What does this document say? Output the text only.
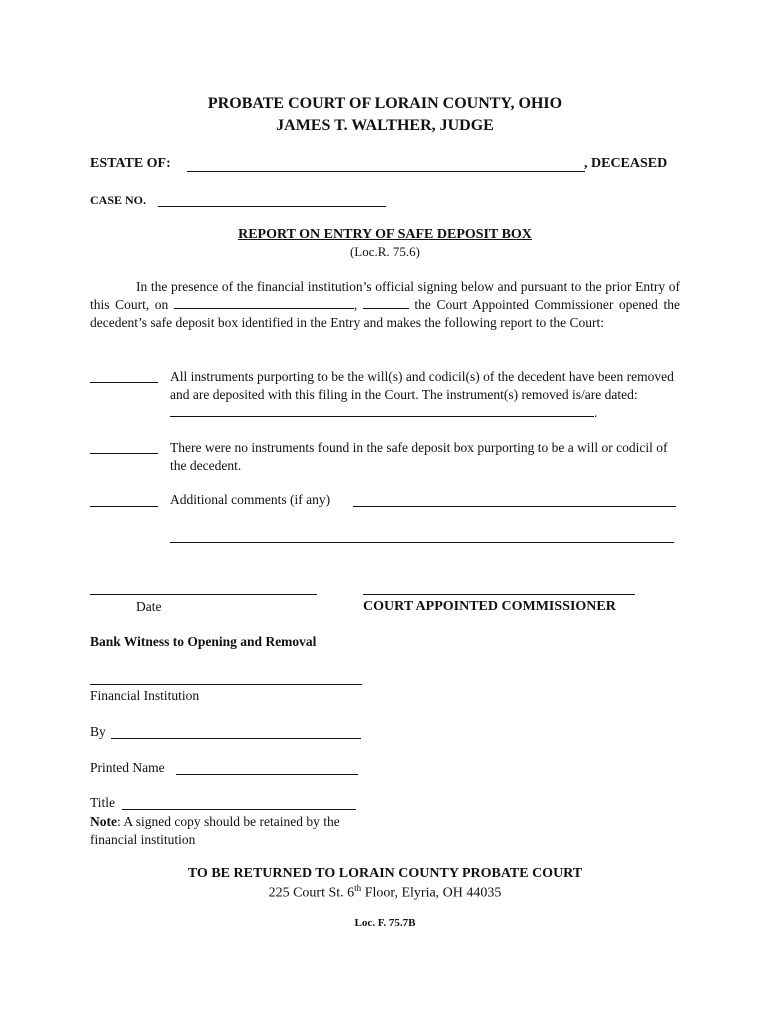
PROBATE COURT OF LORAIN COUNTY, OHIO
JAMES T. WALTHER, JUDGE
ESTATE OF:	, DECEASED
CASE NO.
REPORT ON ENTRY OF SAFE DEPOSIT BOX
(Loc.R. 75.6)
In the presence of the financial institution’s official signing below and pursuant to the prior Entry of this Court, on	,	the Court Appointed Commissioner opened the decedent’s safe deposit box identified in the Entry and makes the following report to the Court:
All instruments purporting to be the will(s) and codicil(s) of the decedent have been removed and are deposited with this filing in the Court. The instrument(s) removed is/are dated: .
There were no instruments found in the safe deposit box purporting to be a will or codicil of the decedent.
Additional comments (if any)
Date	COURT APPOINTED COMMISSIONER
Bank Witness to Opening and Removal
Financial Institution
By
Printed Name
Title
Note: A signed copy should be retained by the financial institution
TO BE RETURNED TO LORAIN COUNTY PROBATE COURT
225 Court St. 6th Floor, Elyria, OH 44035
Loc. F. 75.7B
